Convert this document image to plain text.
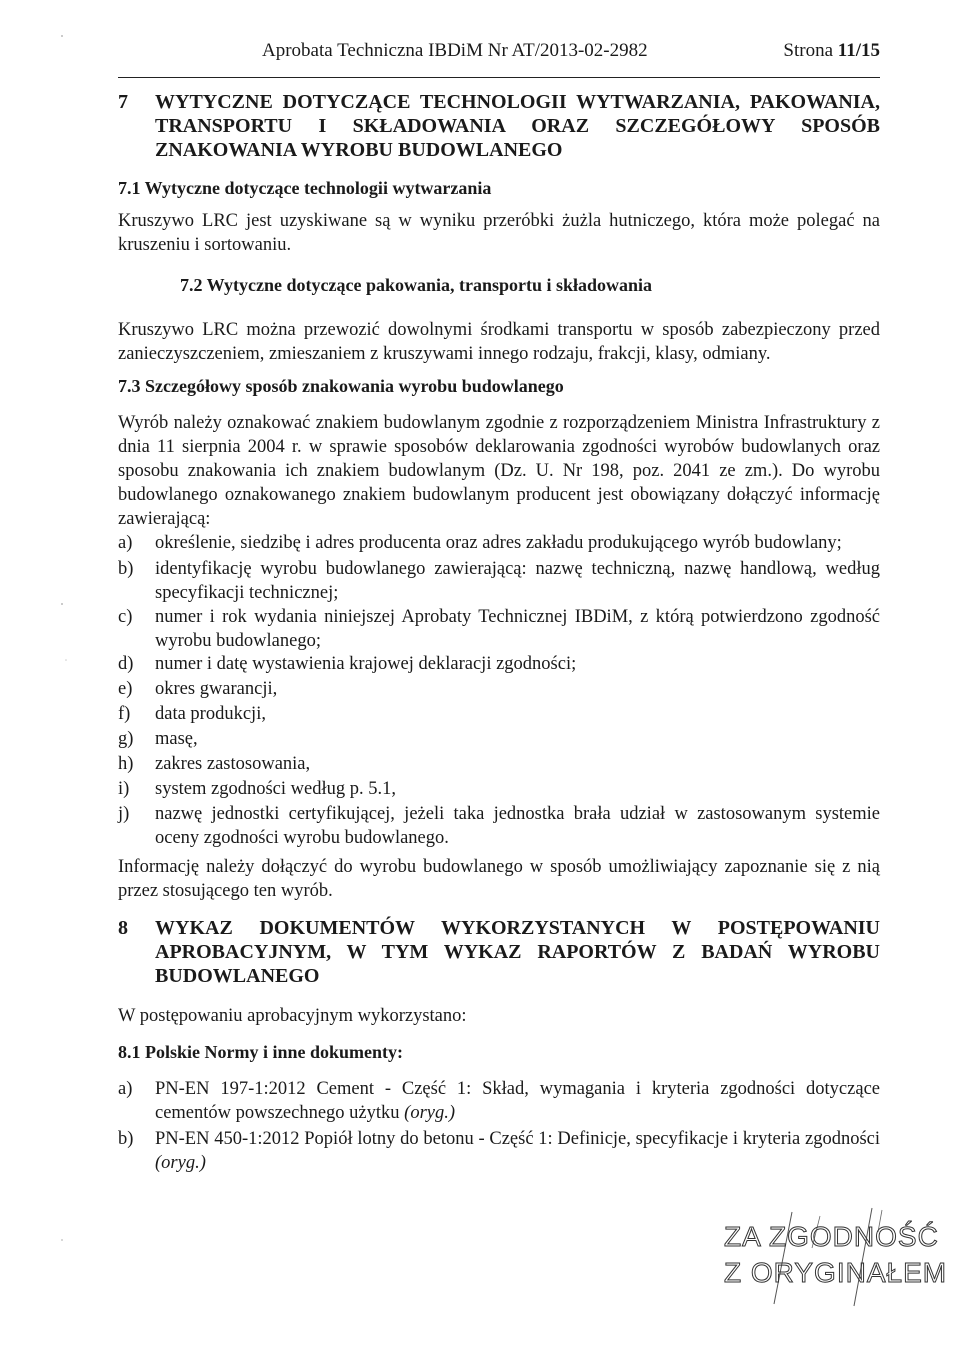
Aprobata Techniczna IBDiM Nr AT/2013-02-2982	Strona 11/15
7 WYTYCZNE DOTYCZĄCE TECHNOLOGII WYTWARZANIA, PAKOWANIA, TRANSPORTU I SKŁADOWANIA ORAZ SZCZEGÓŁOWY SPOSÓB ZNAKOWANIA WYROBU BUDOWLANEGO
7.1 Wytyczne dotyczące technologii wytwarzania
Kruszywo LRC jest uzyskiwane są w wyniku przeróbki żużla hutniczego, która może polegać na kruszeniu i sortowaniu.
7.2 Wytyczne dotyczące pakowania, transportu i składowania
Kruszywo LRC można przewozić dowolnymi środkami transportu w sposób zabezpieczony przed zanieczyszczeniem, zmieszaniem z kruszywami innego rodzaju, frakcji, klasy, odmiany.
7.3 Szczegółowy sposób znakowania wyrobu budowlanego
Wyrób należy oznakować znakiem budowlanym zgodnie z rozporządzeniem Ministra Infrastruktury z dnia 11 sierpnia 2004 r. w sprawie sposobów deklarowania zgodności wyrobów budowlanych oraz sposobu znakowania ich znakiem budowlanym (Dz. U. Nr 198, poz. 2041 ze zm.). Do wyrobu budowlanego oznakowanego znakiem budowlanym producent jest obowiązany dołączyć informację zawierającą:
a) określenie, siedzibę i adres producenta oraz adres zakładu produkującego wyrób budowlany;
b) identyfikację wyrobu budowlanego zawierającą: nazwę techniczną, nazwę handlową, według specyfikacji technicznej;
c) numer i rok wydania niniejszej Aprobaty Technicznej IBDiM, z którą potwierdzono zgodność wyrobu budowlanego;
d) numer i datę wystawienia krajowej deklaracji zgodności;
e) okres gwarancji,
f) data produkcji,
g) masę,
h) zakres zastosowania,
i) system zgodności według p. 5.1,
j) nazwę jednostki certyfikującej, jeżeli taka jednostka brała udział w zastosowanym systemie oceny zgodności wyrobu budowlanego.
Informację należy dołączyć do wyrobu budowlanego w sposób umożliwiający zapoznanie się z nią przez stosującego ten wyrób.
8 WYKAZ DOKUMENTÓW WYKORZYSTANYCH W POSTĘPOWANIU APROBACYJNYM, W TYM WYKAZ RAPORTÓW Z BADAŃ WYROBU BUDOWLANEGO
W postępowaniu aprobacyjnym wykorzystano:
8.1 Polskie Normy i inne dokumenty:
a) PN-EN 197-1:2012 Cement - Część 1: Skład, wymagania i kryteria zgodności dotyczące cementów powszechnego użytku (oryg.)
b) PN-EN 450-1:2012 Popiół lotny do betonu - Część 1: Definicje, specyfikacje i kryteria zgodności (oryg.)
ZA ZGODNOŚĆ
Z ORYGINAŁEM
